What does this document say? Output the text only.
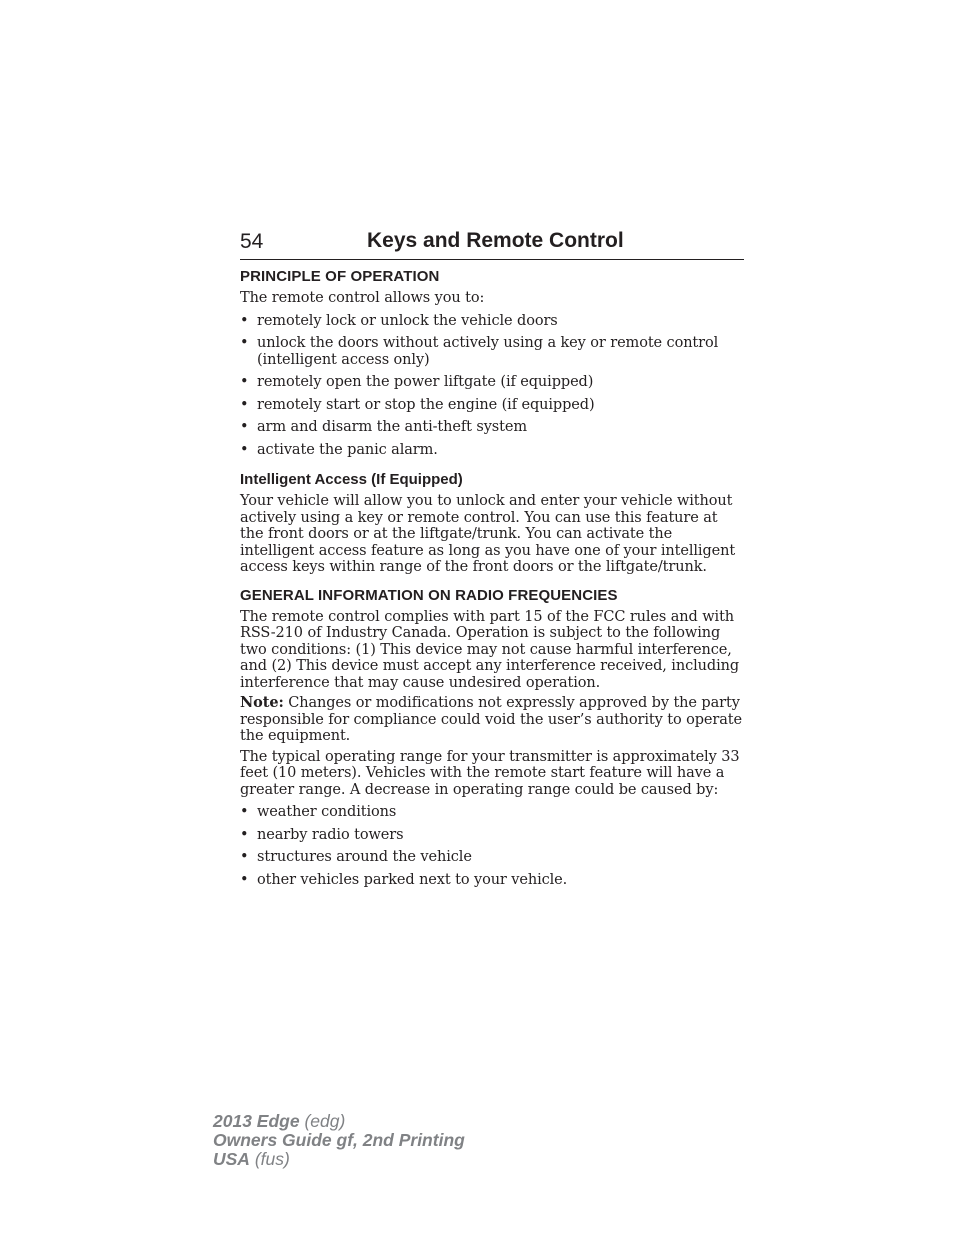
54	Keys and Remote Control
PRINCIPLE OF OPERATION

The remote control allows you to:

• remotely lock or unlock the vehicle doors
• unlock the doors without actively using a key or remote control (intelligent access only)
• remotely open the power liftgate (if equipped)
• remotely start or stop the engine (if equipped)
• arm and disarm the anti-theft system
• activate the panic alarm.
Intelligent Access (If Equipped)

Your vehicle will allow you to unlock and enter your vehicle without actively using a key or remote control. You can use this feature at the front doors or at the liftgate/trunk. You can activate the intelligent access feature as long as you have one of your intelligent access keys within range of the front doors or the liftgate/trunk.

GENERAL INFORMATION ON RADIO FREQUENCIES

The remote control complies with part 15 of the FCC rules and with RSS-210 of Industry Canada. Operation is subject to the following two conditions: (1) This device may not cause harmful interference, and (2) This device must accept any interference received, including interference that may cause undesired operation.

Note: Changes or modifications not expressly approved by the party responsible for compliance could void the user’s authority to operate the equipment.

The typical operating range for your transmitter is approximately 33 feet (10 meters). Vehicles with the remote start feature will have a greater range. A decrease in operating range could be caused by:

• weather conditions
• nearby radio towers
• structures around the vehicle
• other vehicles parked next to your vehicle.
2013 Edge (edg)
Owners Guide gf, 2nd Printing
USA (fus)
